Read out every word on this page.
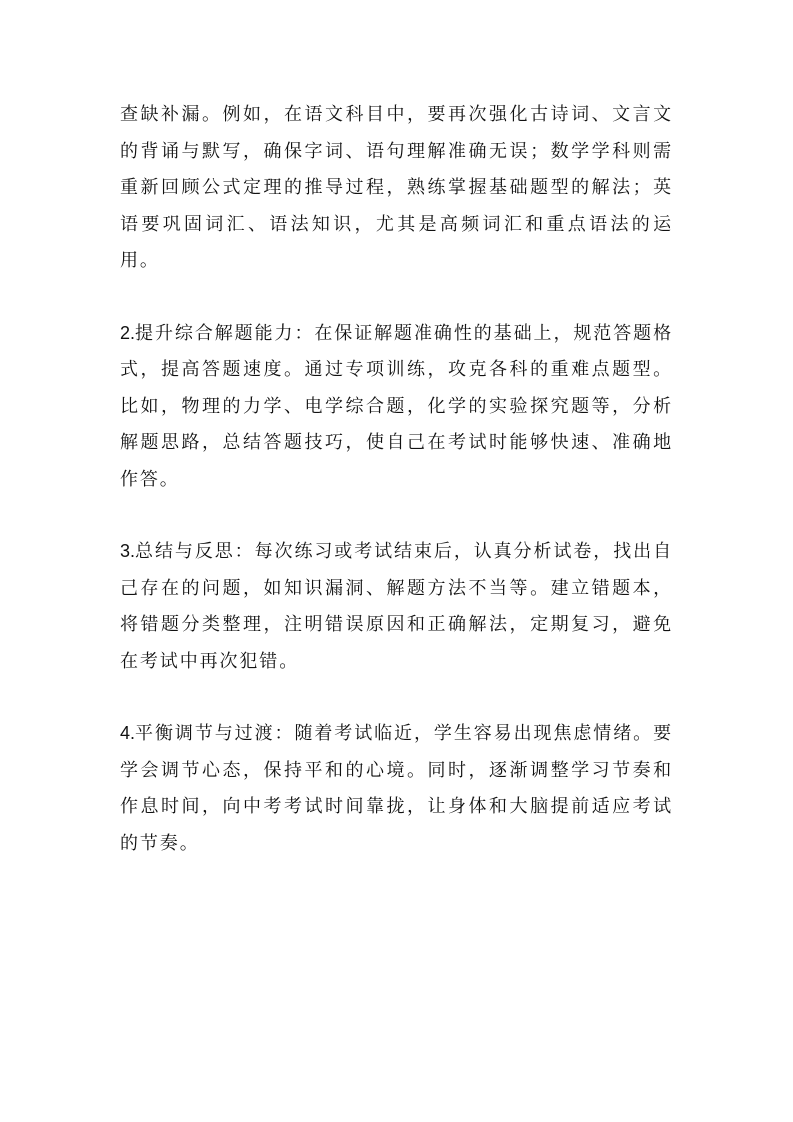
查缺补漏。例如，在语文科目中，要再次强化古诗词、文言文的背诵与默写，确保字词、语句理解准确无误；数学学科则需重新回顾公式定理的推导过程，熟练掌握基础题型的解法；英语要巩固词汇、语法知识，尤其是高频词汇和重点语法的运用。

2.提升综合解题能力：在保证解题准确性的基础上，规范答题格式，提高答题速度。通过专项训练，攻克各科的重难点题型。比如，物理的力学、电学综合题，化学的实验探究题等，分析解题思路，总结答题技巧，使自己在考试时能够快速、准确地作答。

3.总结与反思：每次练习或考试结束后，认真分析试卷，找出自己存在的问题，如知识漏洞、解题方法不当等。建立错题本，将错题分类整理，注明错误原因和正确解法，定期复习，避免在考试中再次犯错。

4.平衡调节与过渡：随着考试临近，学生容易出现焦虑情绪。要学会调节心态，保持平和的心境。同时，逐渐调整学习节奏和作息时间，向中考考试时间靠拢，让身体和大脑提前适应考试的节奏。
